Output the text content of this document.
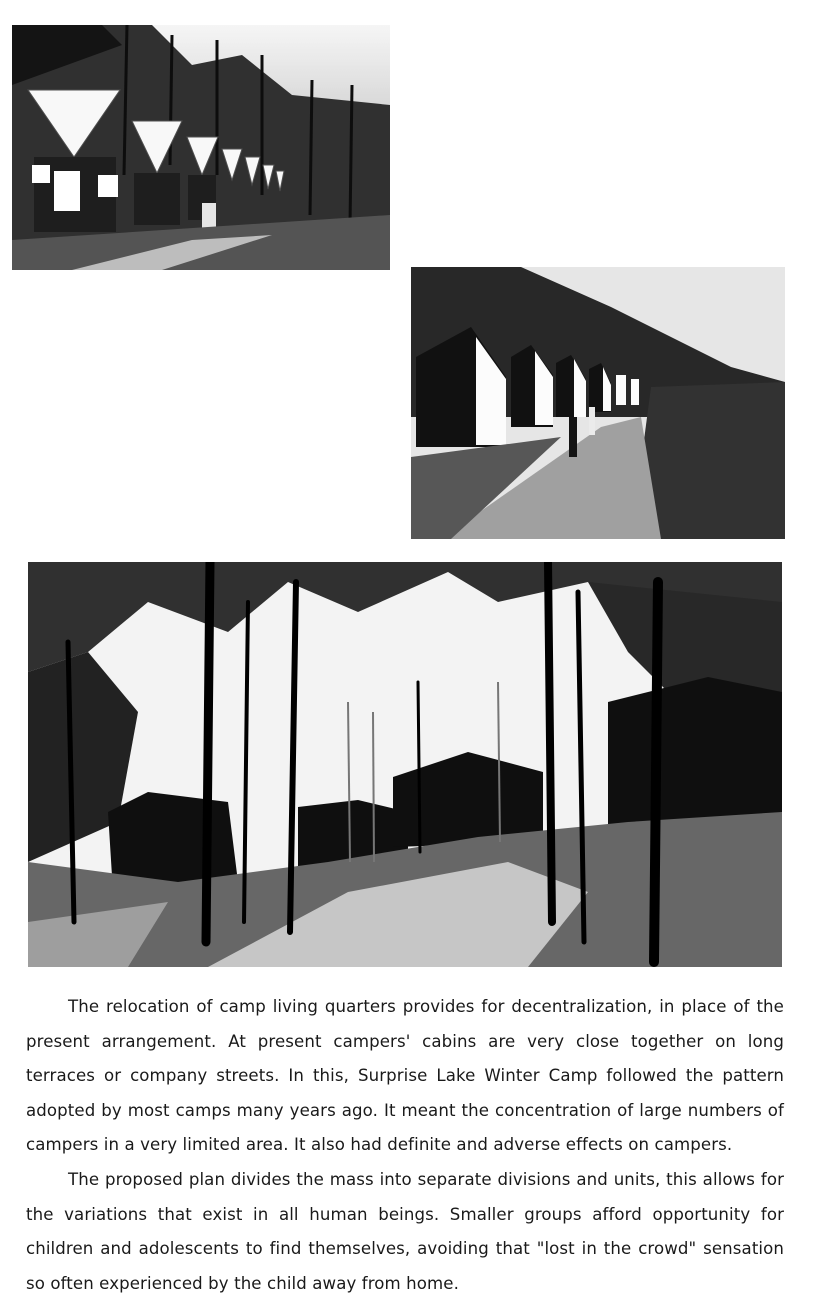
The relocation of camp living quarters provides for decentralization, in place of the present arrangement. At present campers' cabins are very close together on long terraces or company streets. In this, Surprise Lake Winter Camp followed the pattern adopted by most camps many years ago. It meant the concentration of large numbers of campers in a very limited area. It also had definite and adverse effects on campers.

The proposed plan divides the mass into separate divisions and units, this allows for the variations that exist in all human beings. Smaller groups afford opportunity for children and adolescents to find themselves, avoiding that "lost in the crowd" sensation so often experienced by the child away from home.
